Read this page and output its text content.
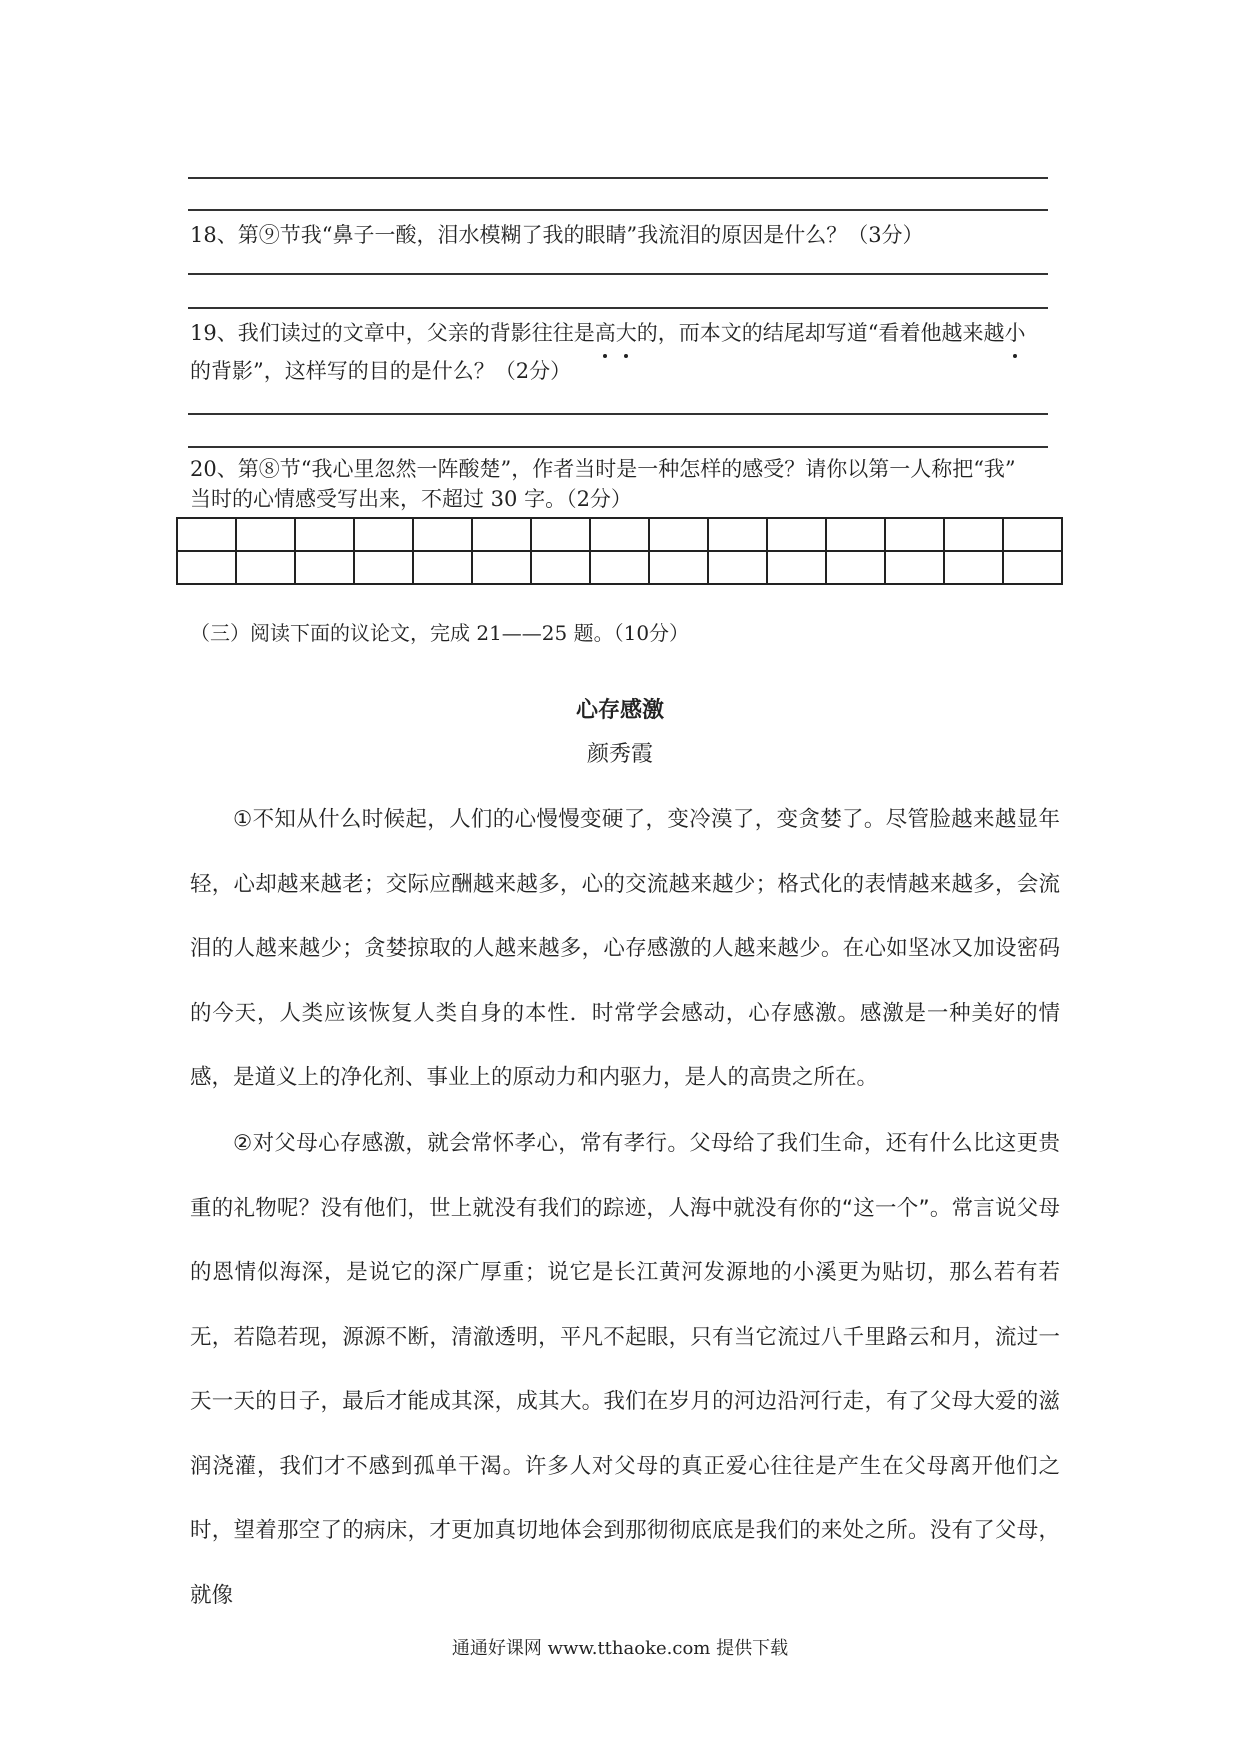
18、第⑨节我“鼻子一酸，泪水模糊了我的眼睛”我流泪的原因是什么？（3分）
19、我们读过的文章中，父亲的背影往往是高大的，而本文的结尾却写道“看着他越来越小
的背影”，这样写的目的是什么？（2分）
20、第⑧节“我心里忽然一阵酸楚”，作者当时是一种怎样的感受？请你以第一人称把“我”
当时的心情感受写出来，不超过 30 字。（2分）

（三）阅读下面的议论文，完成 21——25 题。（10分）
心存感激
颜秀霞

①不知从什么时候起，人们的心慢慢变硬了，变冷漠了，变贪婪了。尽管脸越来越显年轻，心却越来越老；交际应酬越来越多，心的交流越来越少；格式化的表情越来越多，会流泪的人越来越少；贪婪掠取的人越来越多，心存感激的人越来越少。在心如坚冰又加设密码的今天，人类应该恢复人类自身的本性．时常学会感动，心存感激。感激是一种美好的情感，是道义上的净化剂、事业上的原动力和内驱力，是人的高贵之所在。

②对父母心存感激，就会常怀孝心，常有孝行。父母给了我们生命，还有什么比这更贵重的礼物呢？没有他们，世上就没有我们的踪迹，人海中就没有你的“这一个”。常言说父母的恩情似海深，是说它的深广厚重；说它是长江黄河发源地的小溪更为贴切，那么若有若无，若隐若现，源源不断，清澈透明，平凡不起眼，只有当它流过八千里路云和月，流过一天一天的日子，最后才能成其深，成其大。我们在岁月的河边沿河行走，有了父母大爱的滋润浇灌，我们才不感到孤单干渴。许多人对父母的真正爱心往往是产生在父母离开他们之时，望着那空了的病床，才更加真切地体会到那彻彻底底是我们的来处之所。没有了父母，就像

通通好课网 www.tthaoke.com 提供下载
